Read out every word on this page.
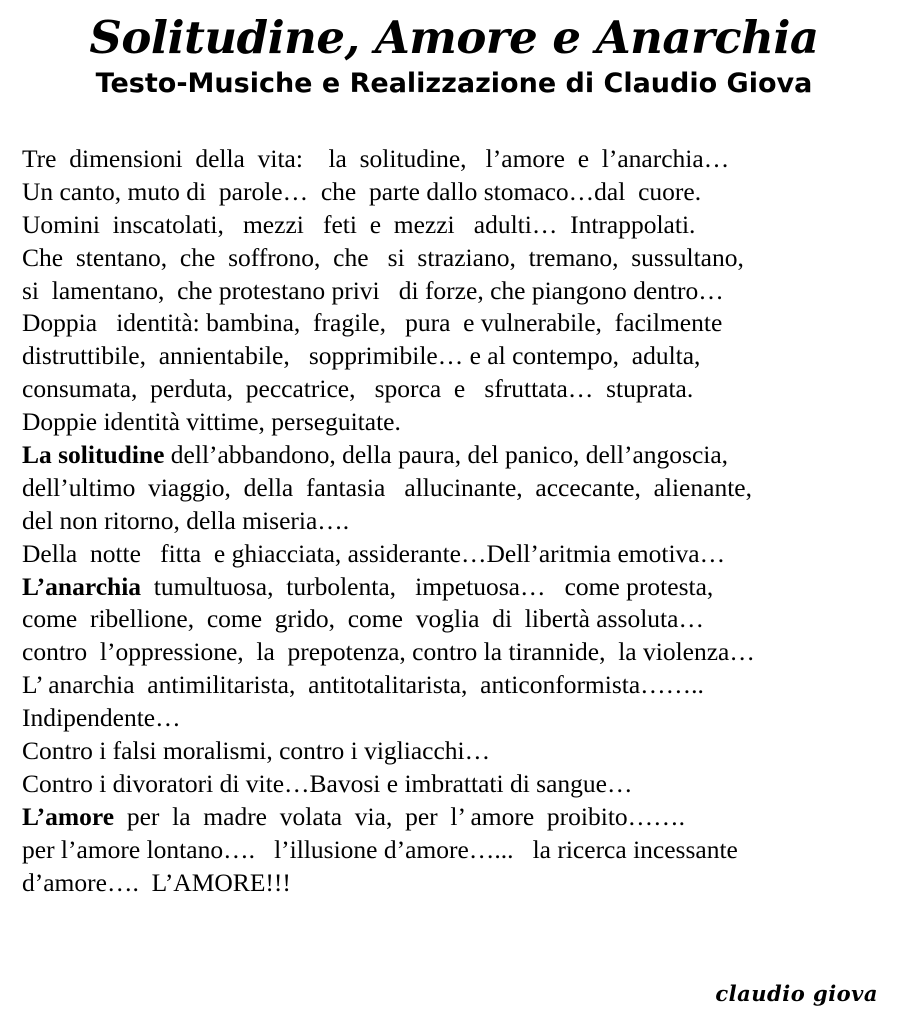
Solitudine, Amore e Anarchia
Testo-Musiche e Realizzazione di Claudio Giova
Tre  dimensioni  della  vita:    la  solitudine,   l’amore  e  l’anarchia…
Un canto, muto di  parole…  che  parte dallo stomaco…dal  cuore.
Uomini  inscatolati,   mezzi   feti  e  mezzi   adulti…  Intrappolati.
Che  stentano,  che  soffrono,  che   si  straziano,  tremano,  sussultano,
si  lamentano,  che protestano privi   di forze, che piangono dentro…
Doppia   identità: bambina,  fragile,   pura  e vulnerabile,  facilmente
distruttibile,  annientabile,   sopprimibile… e al contempo,  adulta,
consumata,  perduta,  peccatrice,   sporca  e   sfruttata…  stuprata.
Doppie identità vittime, perseguitate.
La solitudine dell’abbandono, della paura, del panico, dell’angoscia,
dell’ultimo  viaggio,  della  fantasia   allucinante,  accecante,  alienante,
del non ritorno, della miseria….
Della  notte   fitta  e ghiacciata, assiderante…Dell’aritmia emotiva…
L’anarchia  tumultuosa,  turbolenta,   impetuosa…   come protesta,
come  ribellione,  come  grido,  come  voglia  di  libertà assoluta…
contro  l’oppressione,  la  prepotenza, contro la tirannide,  la violenza…
L’ anarchia  antimilitarista,  antitotalitarista,  anticonformista……..
Indipendente…
Contro i falsi moralismi, contro i vigliacchi…
Contro i divoratori di vite…Bavosi e imbrattati di sangue…
L’amore  per  la  madre  volata  via,  per  l’ amore  proibito…….
per l’amore lontano….   l’illusione d’amore…...   la ricerca incessante
d’amore….  L’AMORE!!!
claudio giova
